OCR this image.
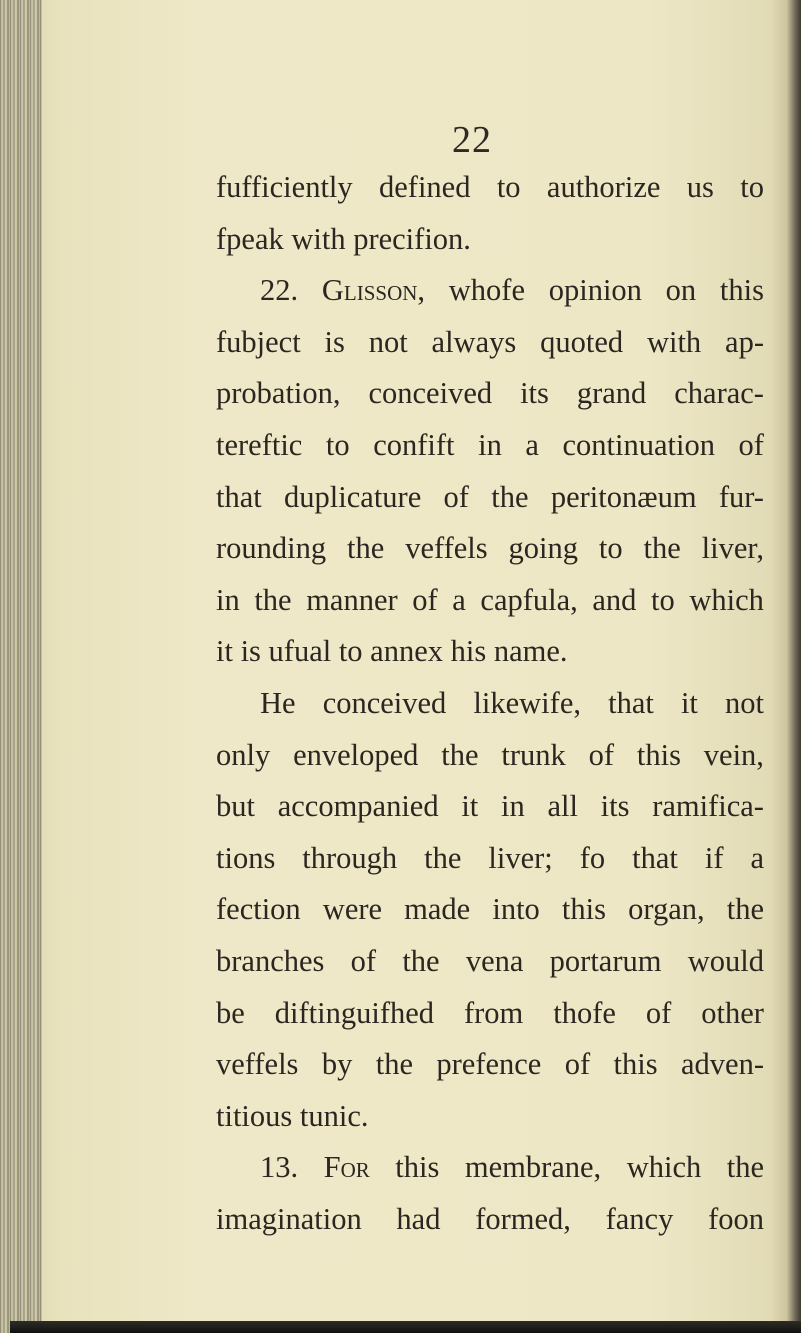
22
fufficiently defined to authorize us to
fpeak with precifion.
22. Glisson, whofe opinion on this
fubject is not always quoted with ap-
probation, conceived its grand charac-
tereftic to confift in a continuation of
that duplicature of the peritonæum fur-
rounding the veffels going to the liver,
in the manner of a capfula, and to which
it is ufual to annex his name.
He conceived likewife, that it not
only enveloped the trunk of this vein,
but accompanied it in all its ramifica-
tions through the liver; fo that if a
fection were made into this organ, the
branches of the vena portarum would
be diftinguifhed from thofe of other
veffels by the prefence of this adven-
titious tunic.
13. For this membrane, which the
imagination had formed, fancy foon
